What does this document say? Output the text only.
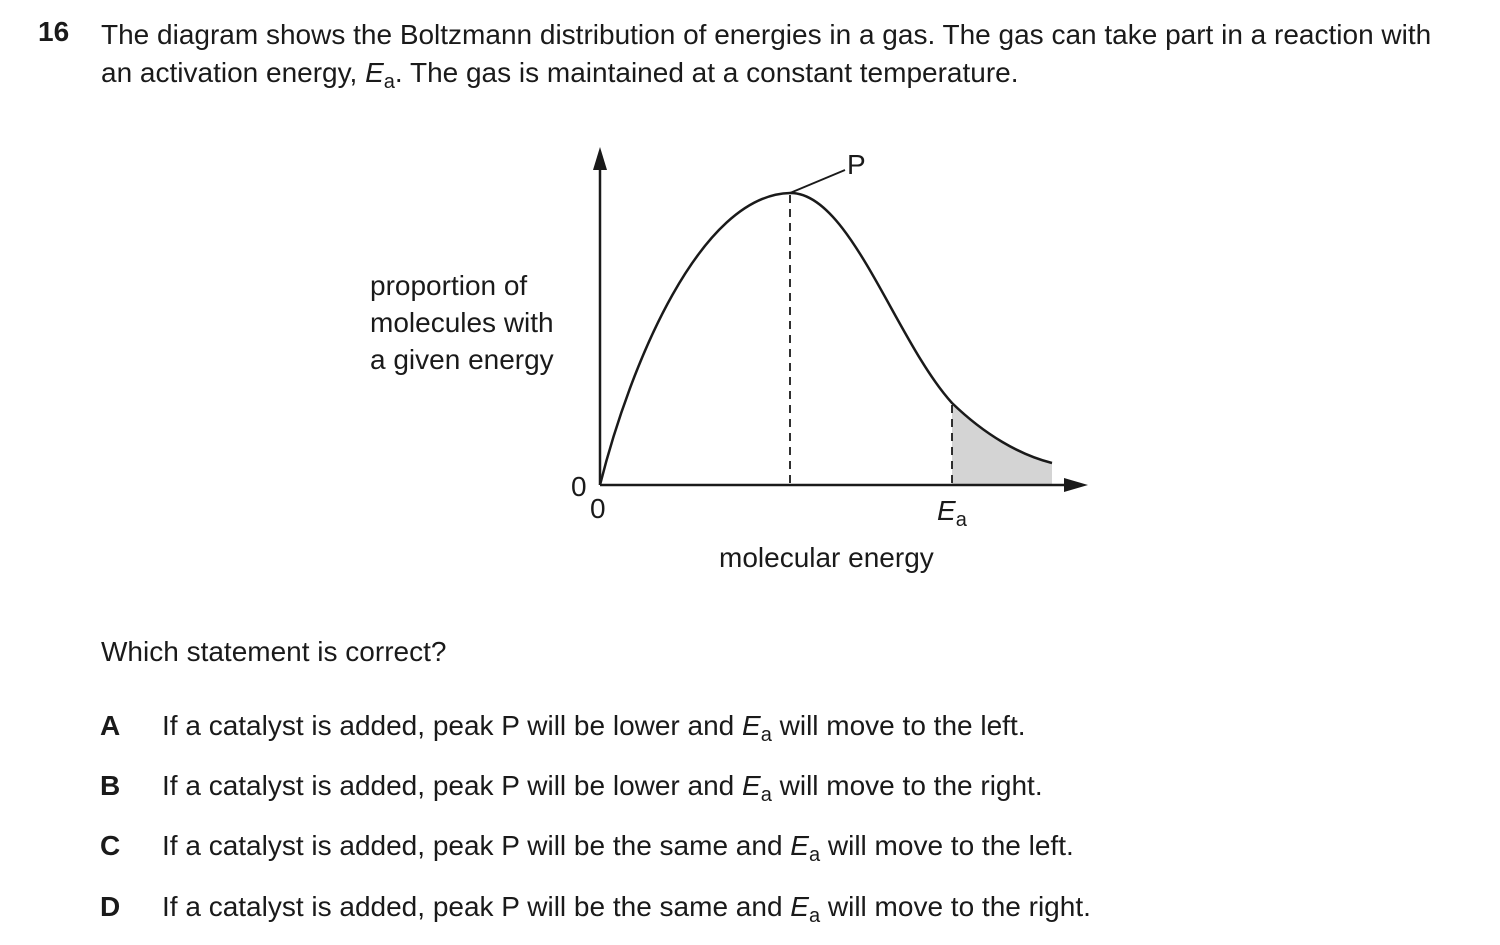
16 The diagram shows the Boltzmann distribution of energies in a gas. The gas can take part in a reaction with an activation energy, $E_a$. The gas is maintained at a constant temperature.
proportion of
molecules with
a given energy
P
0
0	Ea
molecular energy
Which statement is correct?
A If a catalyst is added, peak P will be lower and $E_a$ will move to the left.
B If a catalyst is added, peak P will be lower and $E_a$ will move to the right.
C If a catalyst is added, peak P will be the same and $E_a$ will move to the left.
D If a catalyst is added, peak P will be the same and $E_a$ will move to the right.
